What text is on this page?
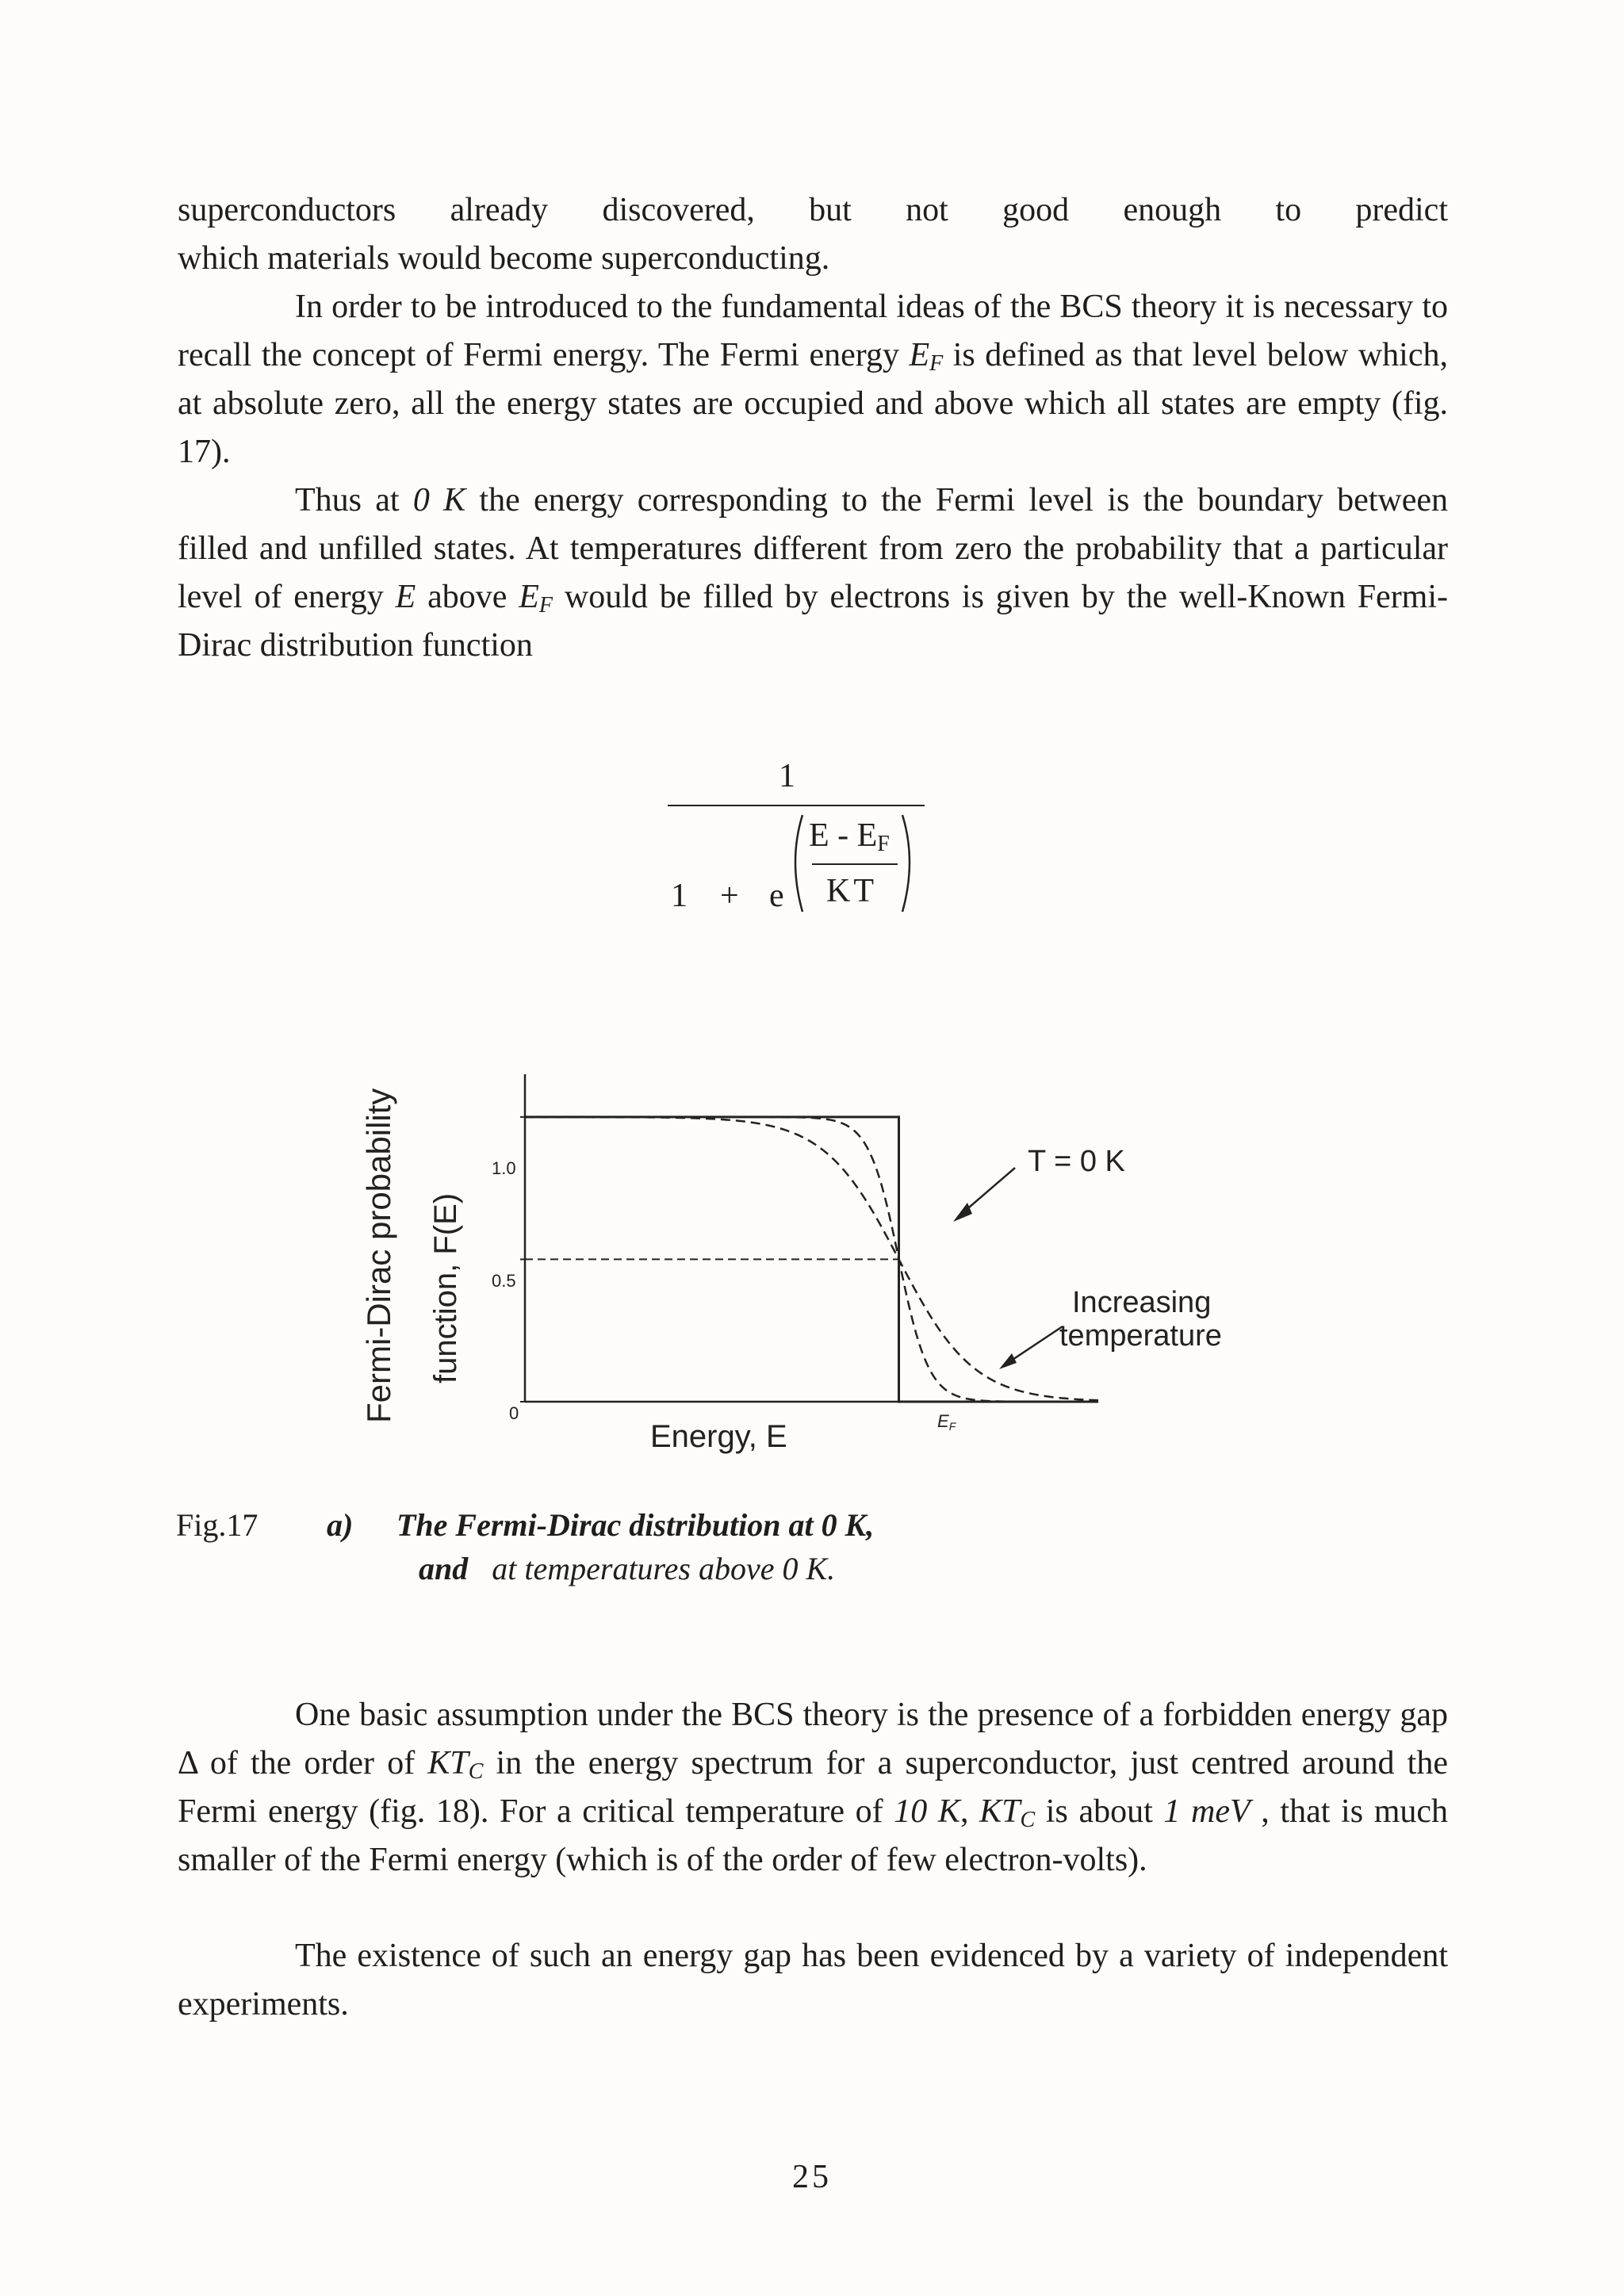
superconductors already discovered, but not good enough to predict
which materials would become superconducting.
In order to be introduced to the fundamental ideas of the BCS theory it is necessary to recall the concept of Fermi energy. The Fermi energy $E_F$ is defined as that level below which, at absolute zero, all the energy states are occupied and above which all states are empty (fig. 17).
Thus at 0 K the energy corresponding to the Fermi level is the boundary between filled and unfilled states. At temperatures different from zero the probability that a particular level of energy E above $E_F$ would be filled by electrons is given by the well-Known Fermi-Dirac distribution function
1
1 + e
E - $E_F$
KT
Fermi-Dirac probability function, F(E)
1.0
0.5
0
Energy, E	EF
T = 0 K
Increasing
temperature
Fig.17 a) The Fermi-Dirac distribution at 0 K,
and at temperatures above 0 K.
One basic assumption under the BCS theory is the presence of a forbidden energy gap Δ of the order of $KT_C$ in the energy spectrum for a superconductor, just centred around the Fermi energy (fig. 18). For a critical temperature of 10 K, $KT_C$ is about 1 meV , that is much smaller of the Fermi energy (which is of the order of few electron-volts).
The existence of such an energy gap has been evidenced by a variety of independent experiments.
25
